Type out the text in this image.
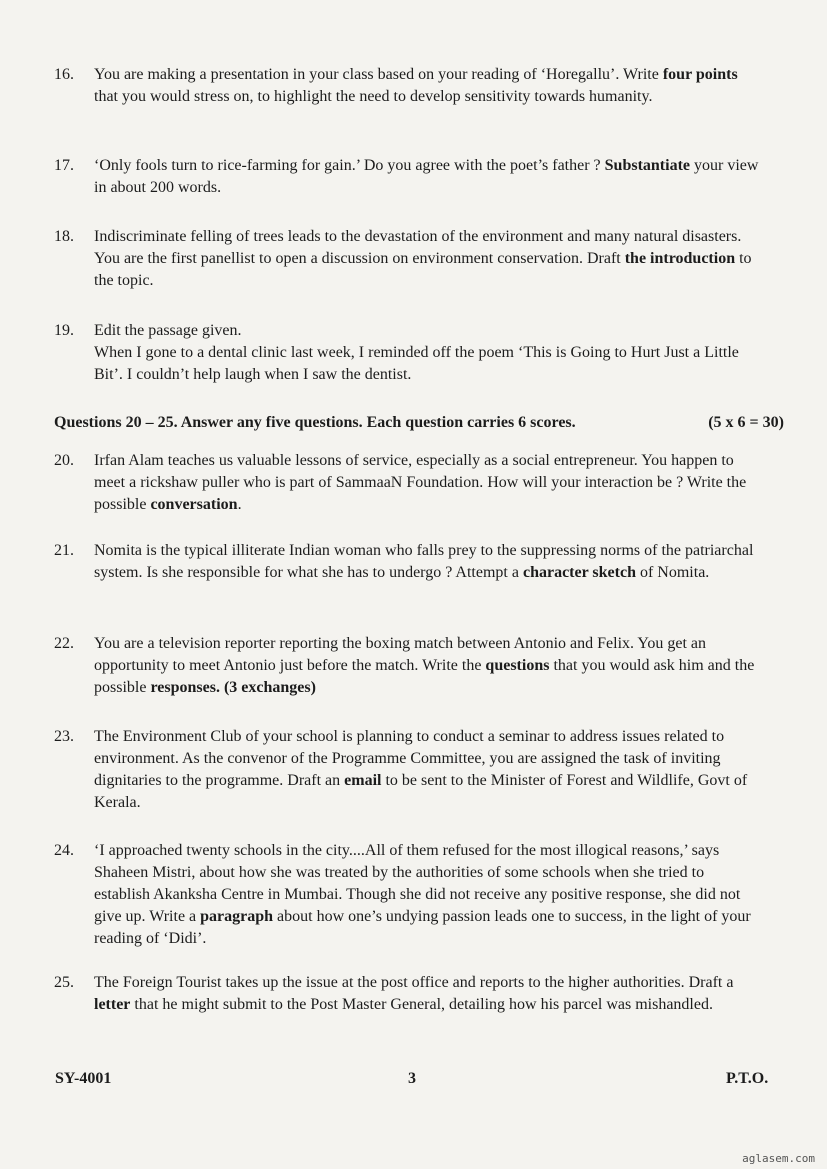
16.	You are making a presentation in your class based on your reading of ‘Horegallu’. Write four points that you would stress on, to highlight the need to develop sensitivity towards humanity.
17.	‘Only fools turn to rice-farming for gain.’ Do you agree with the poet’s father ? Substantiate your view in about 200 words.
18.	Indiscriminate felling of trees leads to the devastation of the environment and many natural disasters. You are the first panellist to open a discussion on environment conservation. Draft the introduction to the topic.
19.	Edit the passage given.

When I gone to a dental clinic last week, I reminded off the poem ‘This is Going to Hurt Just a Little Bit’. I couldn’t help laugh when I saw the dentist.

Questions 20 – 25. Answer any five questions. Each question carries 6 scores.	(5 x 6 = 30)
20.	Irfan Alam teaches us valuable lessons of service, especially as a social entrepreneur. You happen to meet a rickshaw puller who is part of SammaaN Foundation. How will your interaction be ? Write the possible conversation.
21.	Nomita is the typical illiterate Indian woman who falls prey to the suppressing norms of the patriarchal system. Is she responsible for what she has to undergo ? Attempt a character sketch of Nomita.
22.	You are a television reporter reporting the boxing match between Antonio and Felix. You get an opportunity to meet Antonio just before the match. Write the questions that you would ask him and the possible responses. (3 exchanges)
23.	The Environment Club of your school is planning to conduct a seminar to address issues related to environment. As the convenor of the Programme Committee, you are assigned the task of inviting dignitaries to the programme. Draft an email to be sent to the Minister of Forest and Wildlife, Govt of Kerala.
24.	‘I approached twenty schools in the city....All of them refused for the most illogical reasons,’ says Shaheen Mistri, about how she was treated by the authorities of some schools when she tried to establish Akanksha Centre in Mumbai. Though she did not receive any positive response, she did not give up. Write a paragraph about how one’s undying passion leads one to success, in the light of your reading of ‘Didi’.
25.	The Foreign Tourist takes up the issue at the post office and reports to the higher authorities. Draft a letter that he might submit to the Post Master General, detailing how his parcel was mishandled.
SY-4001	3	P.T.O.
aglasem.com
